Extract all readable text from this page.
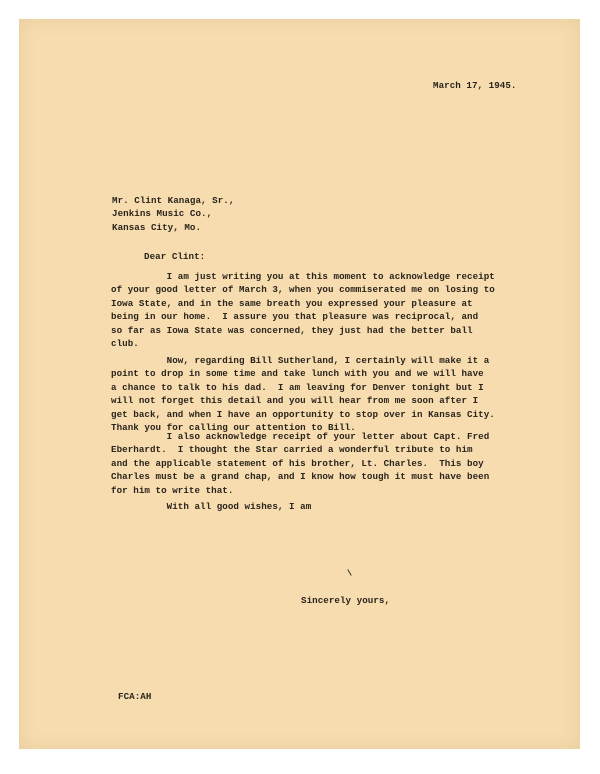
March 17, 1945.
Mr. Clint Kanaga, Sr.,
Jenkins Music Co.,
Kansas City, Mo.
Dear Clint:
I am just writing you at this moment to acknowledge receipt
of your good letter of March 3, when you commiserated me on losing to
Iowa State, and in the same breath you expressed your pleasure at
being in our home.  I assure you that pleasure was reciprocal, and
so far as Iowa State was concerned, they just had the better ball
club.
Now, regarding Bill Sutherland, I certainly will make it a
point to drop in some time and take lunch with you and we will have
a chance to talk to his dad.  I am leaving for Denver tonight but I
will not forget this detail and you will hear from me soon after I
get back, and when I have an opportunity to stop over in Kansas City.
Thank you for calling our attention to Bill.
I also acknowledge receipt of your letter about Capt. Fred
Eberhardt.  I thought the Star carried a wonderful tribute to him
and the applicable statement of his brother, Lt. Charles.  This boy
Charles must be a grand chap, and I know how tough it must have been
for him to write that.
With all good wishes, I am
Sincerely yours,
FCA:AH
